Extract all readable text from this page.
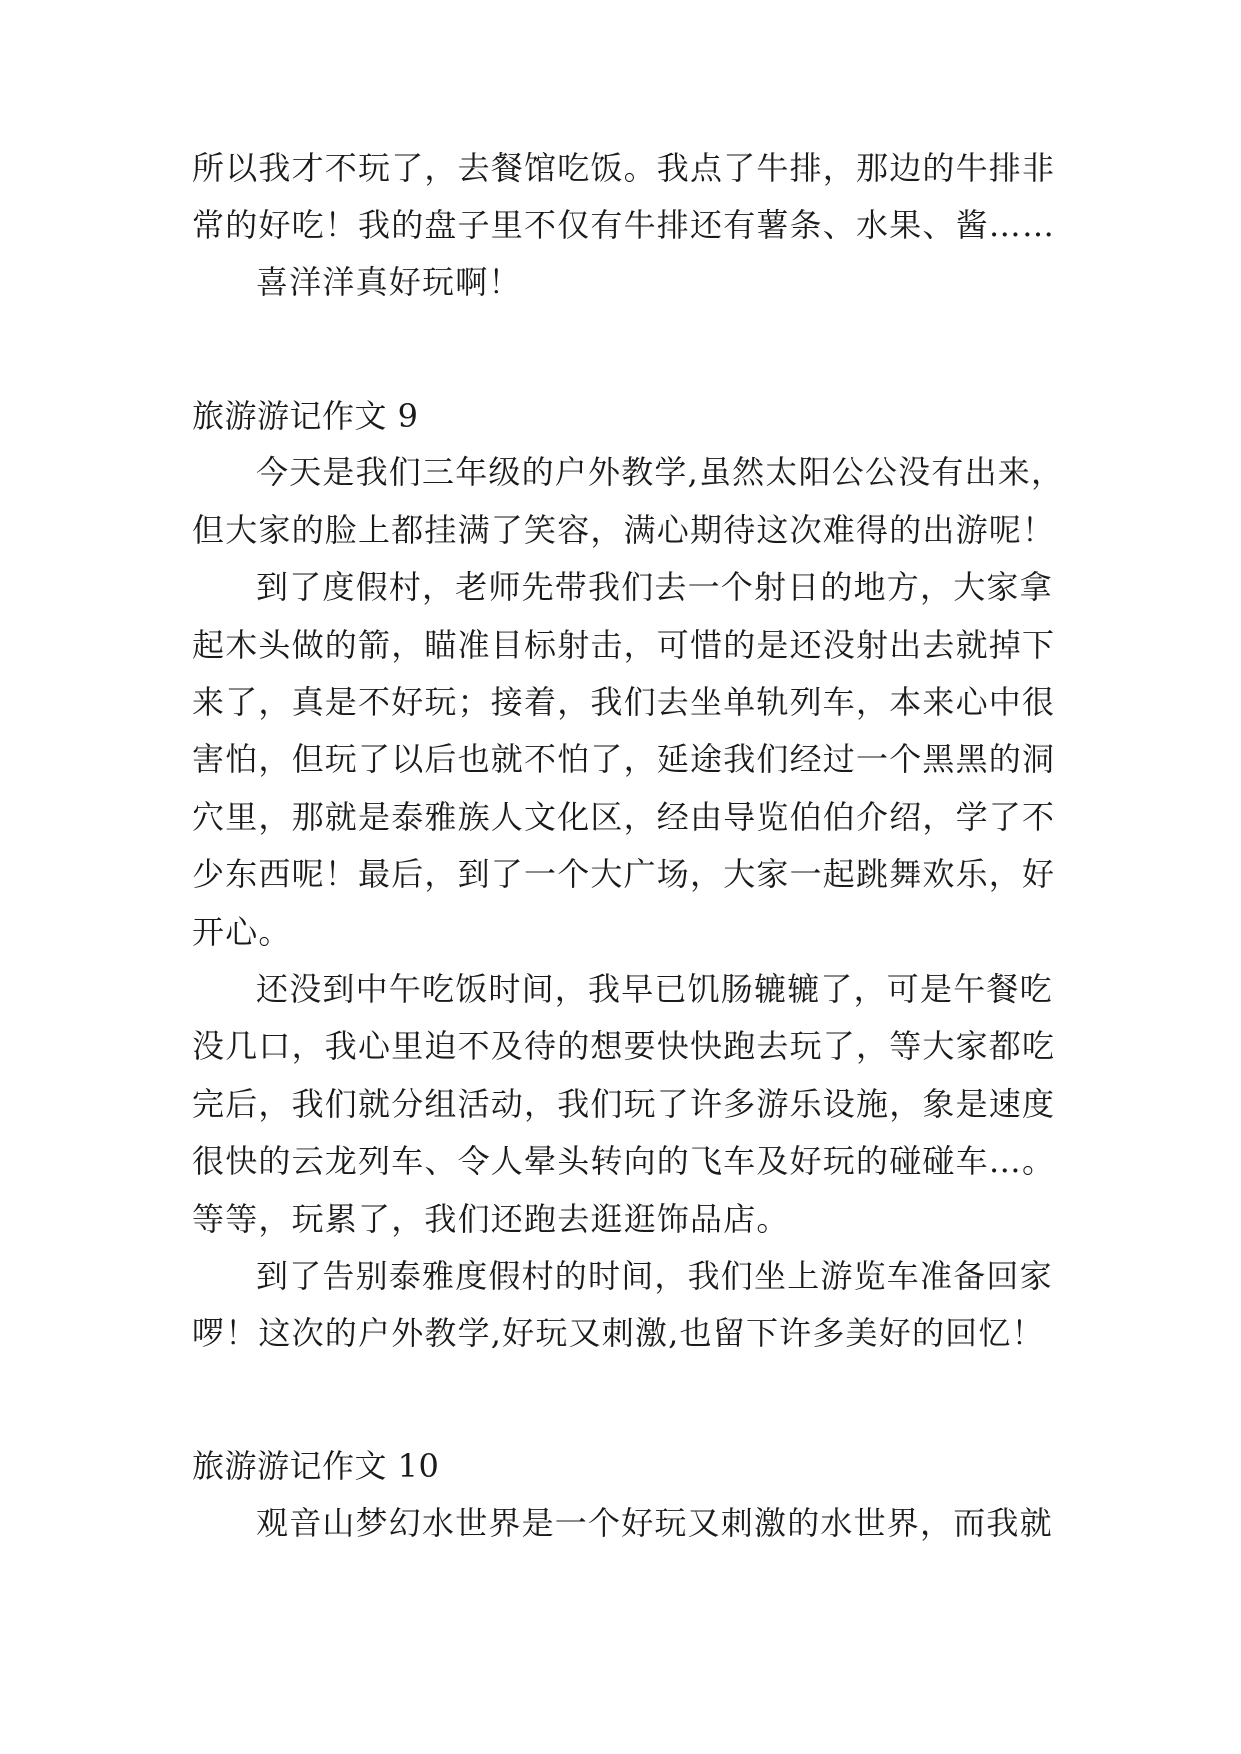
所以我才不玩了，去餐馆吃饭。我点了牛排，那边的牛排非
常的好吃！我的盘子里不仅有牛排还有薯条、水果、酱……
喜洋洋真好玩啊！
旅游游记作文 9
今天是我们三年级的户外教学,虽然太阳公公没有出来，
但大家的脸上都挂满了笑容，满心期待这次难得的出游呢！
到了度假村，老师先带我们去一个射日的地方，大家拿
起木头做的箭，瞄准目标射击，可惜的是还没射出去就掉下
来了，真是不好玩；接着，我们去坐单轨列车，本来心中很
害怕，但玩了以后也就不怕了，延途我们经过一个黑黑的洞
穴里，那就是泰雅族人文化区，经由导览伯伯介绍，学了不
少东西呢！最后，到了一个大广场，大家一起跳舞欢乐，好
开心。
还没到中午吃饭时间，我早已饥肠辘辘了，可是午餐吃
没几口，我心里迫不及待的想要快快跑去玩了，等大家都吃
完后，我们就分组活动，我们玩了许多游乐设施，象是速度
很快的云龙列车、令人晕头转向的飞车及好玩的碰碰车…。
等等，玩累了，我们还跑去逛逛饰品店。
到了告别泰雅度假村的时间，我们坐上游览车准备回家
啰！这次的户外教学,好玩又刺激,也留下许多美好的回忆！
旅游游记作文 10
观音山梦幻水世界是一个好玩又刺激的水世界，而我就
